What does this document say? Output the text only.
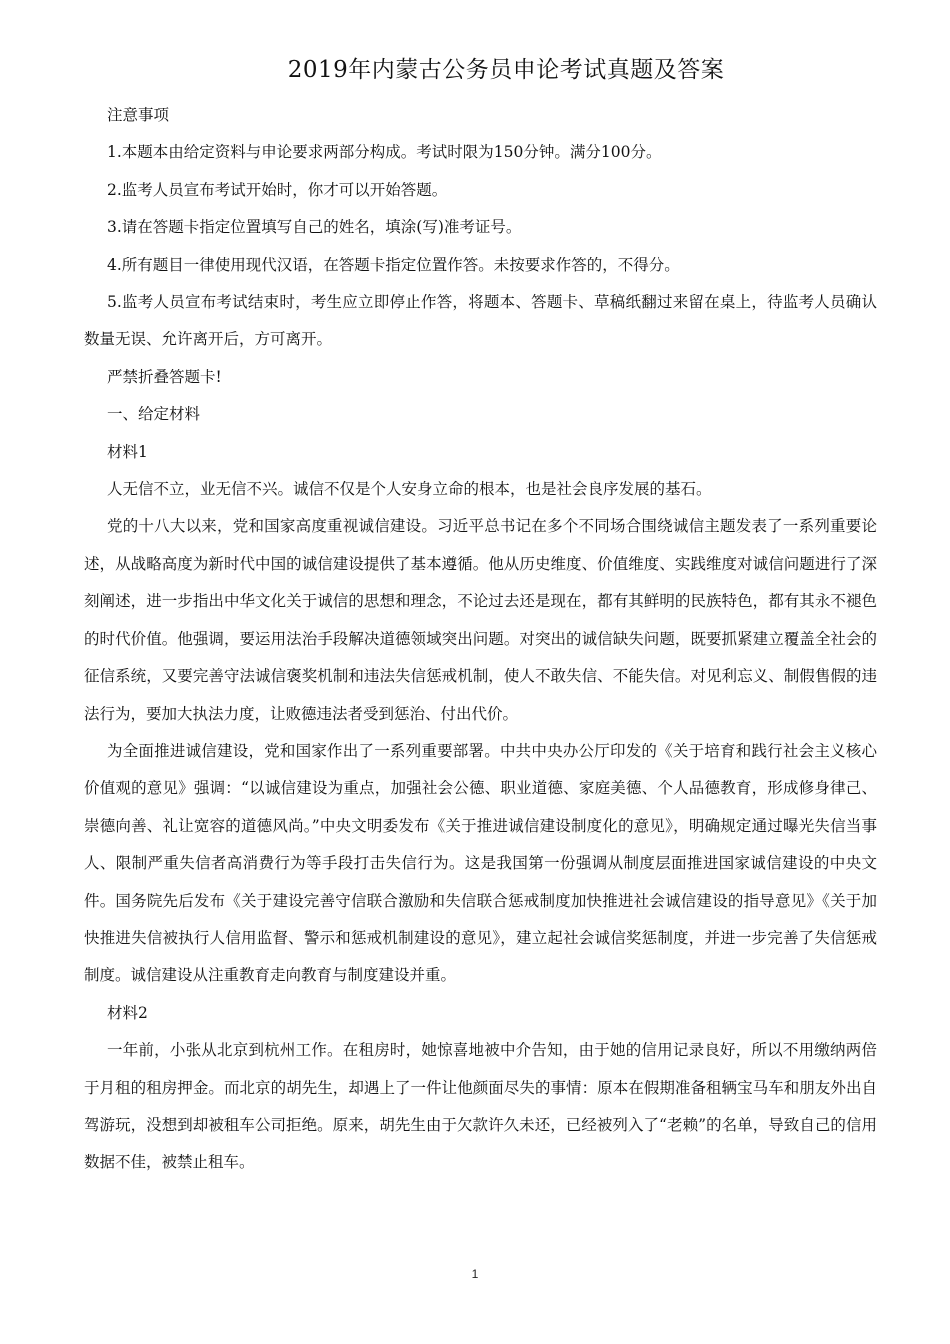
2019年内蒙古公务员申论考试真题及答案

注意事项

1.本题本由给定资料与申论要求两部分构成。考试时限为150分钟。满分100分。

2.监考人员宣布考试开始时，你才可以开始答题。

3.请在答题卡指定位置填写自己的姓名，填涂(写)准考证号。

4.所有题目一律使用现代汉语，在答题卡指定位置作答。未按要求作答的，不得分。

5.监考人员宣布考试结束时，考生应立即停止作答，将题本、答题卡、草稿纸翻过来留在桌上，待监考人员确认数量无误、允许离开后，方可离开。

严禁折叠答题卡!

一、给定材料

材料1

人无信不立，业无信不兴。诚信不仅是个人安身立命的根本，也是社会良序发展的基石。

党的十八大以来，党和国家高度重视诚信建设。习近平总书记在多个不同场合围绕诚信主题发表了一系列重要论述，从战略高度为新时代中国的诚信建设提供了基本遵循。他从历史维度、价值维度、实践维度对诚信问题进行了深刻阐述，进一步指出中华文化关于诚信的思想和理念，不论过去还是现在，都有其鲜明的民族特色，都有其永不褪色的时代价值。他强调，要运用法治手段解决道德领域突出问题。对突出的诚信缺失问题，既要抓紧建立覆盖全社会的征信系统，又要完善守法诚信褒奖机制和违法失信惩戒机制，使人不敢失信、不能失信。对见利忘义、制假售假的违法行为，要加大执法力度，让败德违法者受到惩治、付出代价。

为全面推进诚信建设，党和国家作出了一系列重要部署。中共中央办公厅印发的《关于培育和践行社会主义核心价值观的意见》强调：“以诚信建设为重点，加强社会公德、职业道德、家庭美德、个人品德教育，形成修身律己、崇德向善、礼让宽容的道德风尚。”中央文明委发布《关于推进诚信建设制度化的意见》，明确规定通过曝光失信当事人、限制严重失信者高消费行为等手段打击失信行为。这是我国第一份强调从制度层面推进国家诚信建设的中央文件。国务院先后发布《关于建设完善守信联合激励和失信联合惩戒制度加快推进社会诚信建设的指导意见》《关于加快推进失信被执行人信用监督、警示和惩戒机制建设的意见》，建立起社会诚信奖惩制度，并进一步完善了失信惩戒制度。诚信建设从注重教育走向教育与制度建设并重。

材料2

一年前，小张从北京到杭州工作。在租房时，她惊喜地被中介告知，由于她的信用记录良好，所以不用缴纳两倍于月租的租房押金。而北京的胡先生，却遇上了一件让他颜面尽失的事情：原本在假期准备租辆宝马车和朋友外出自驾游玩，没想到却被租车公司拒绝。原来，胡先生由于欠款许久未还，已经被列入了“老赖”的名单，导致自己的信用数据不佳，被禁止租车。

1
